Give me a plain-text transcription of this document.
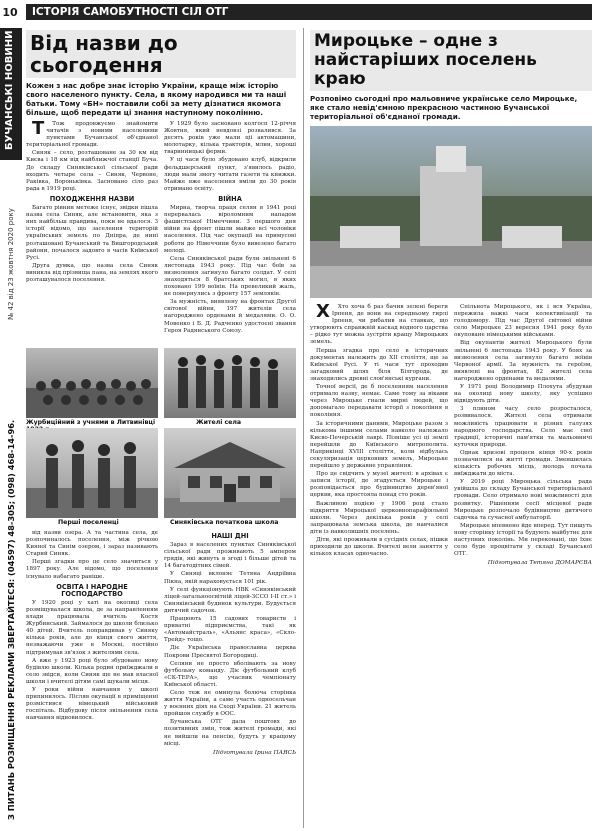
10	ІСТОРІЯ САМОБУТНОСТІ СІЛ ОТГ
БУЧАНСЬКІ НОВИНИ
№ 42 від 23 жовтня 2020 року
З ПИТАНЬ РОЗМІЩЕННЯ РЕКЛАМИ ЗВЕРТАЙТЕСЯ: (04597) 48-305; (098) 468-14-96.
Від назви до сьогодення
Кожен з нас добре знає історію України, краще між історію свого населеного пункту. Села, в якому народився ми та наші батьки. Тому «БН» поставили собі за мету дізнатися якомога більше, щоб передати ці знання наступному поколінню.

Т Тож продовжуємо знайомити читачів з новими населеними пунктами Бучанської об'єднаної територіальної громади.

Синяк – село, розташоване за 30 км від Києва і 18 км від найближчої станції Буча. До складу Синяківської сільської ради входить четыре села – Синяк, Червоне, Раківка, Вороньківка. Засновано сіло раз рада в 1919 році.

ПОХОДЖЕННЯ НАЗВИ

Багато рівнин метеже існує, звідки пішла назва села Синяк, але встановити, яка з них найбільш правдива, поки не вдалося. З історії відомо, що заселення територій українських земель по Дніпра, де нині розташовані Бучанський та Вишгородський райони, почалося задовго в часів Київської Русі.

Друга думка, що назва села Синяк виникла від прізвища пана, на землях якого розташувалося поселення.

У 1929 було засновано колгосп 12-річчя Жовтня, який невдовзі розвалився. За десять років уже мали ціі автомашини, молотарку, кілька тракторів, млин, хороші тваринницькі ферми.

У ці часи було збудовано клуб, відкрили фельдшерський пункт, з'явилось радіо, люди мали змогу читати газети та книжки. Майже вже населення вміли до 30 років отримано освіту.

ВІЙНА

Мирна, творча праця селян в 1941 році перервалась віроломним нападом фашистської Німеччини. З першого дня війни на фронт пішли майже всі чоловіки населення. Під час окупації на примусові роботи до Німеччини було вивезено багато молоді.

Села Синяківської ради були звільнені 6 листопада 1943 року. Під час боїв за визволення загинуло багато солдат. У селі знаходяться 8 братських могил, в яких поховано 199 воїнів. На превеликий жаль, не повернулись з фронту 157 земляків.

За мужність, виявлену на фронтах Другої світової війни, 197 жителів села нагороджено орденами й медалями. О. О. Мовенко і Б. Д. Радченко удостоєні звання Героя Радянського Союзу.

Журбиційний з учнями в Литвинівці	Жителі села
Перші поселенці	Синяківська початкова школа

від назви озера. А та частина села, де розпочиналось поселення, між річкою Кияної та Синім озером, і зараз називають Старий Синяк.

Перші згадки про це село значиться у 1897 року. Але відомо, що поселення існувало набагато раніше.

ОСВІТА І НАРОДНЕ ГОСПОДАРСТВО

У 1920 році у хаті на околиці села розміщувалася школа, де за направленням влади працювала вчитель Костя Журбинський. Займалося до школи близько 40 дітей. Вчитель поправдивав у Синяку кілька років, але до кінця свого життя, незважаючи уже в Москві, постійно підтримував зв'язок з жителями села.

А вже у 1923 році було збудовано нову будівлю школи. Кілька родин приїжджали в село звідси, коли Синяк ще не мав власної школи і вчителі дітям самі шукали місця.

У роки війни навчання у школі припинилось. Післяв окупації в приміщенні розмістився німецький військовий госпіталь. Відбудову після звільнення села навчання відновилося.

НАШІ ДНІ

Зараз в населених пунктах Синяківської сільської ради проживають 5 ампером грядів, які живуть в згоді і більше дітей та 14 багатодітних сімей.

У Синяці вклоняє Тетяна Андріївна Пікна, якій нараховується 101 рік.

У селі функціонують НВК «Синяківський ліцей-загальноосвітній ліцей-ЗССО І-ІІ ст.» і Синяківський будинок культури. Будується дитячий садочок.

Працюють 15 садових товариств і приватні підприємства, такі як «Автомайстраль», «Альянс краса», «Скло-Трейд» тощо.

Діє Українська православна церква Покрови Пресвятої Богородиці.

Селяни не просто вболівають за нову футбольну команду. Діє футбольний клуб «СК-ТЕРА», що учасник чемпіонату Київської області.

Село теж не оминула болюча сторінка життя України, а саме участь односельчан у воєнних діях на Сході України. 21 житель пройшов службу в ООС.

Бучанська ОТГ дала поштовх до позитивних змін, тож жителі громади, які не вийшли на пенсію, будуть у кращому місці.

Підготувала Ірина ПАЯСЬ
Мироцьке – одне з найстаріших поселень краю
Розповімо сьогодні про мальовниче українське село Мироцьке, яке стало невід'ємною прекрасною частиною Бучанської територіальної об'єднаної громади.

Х Хто хоча б раз бачив зелені береги Ірпеня, де вони на середньому гирлі Ірпеня, чи рибалив на ставках, що утворюють справжній каскад водного царства – рідко тут можна зустріти кращу Мироцьких земель.

Перша згадка про село в історичних документах належить до XII століття, ще за Київської Русі. У ті часи тут проходив загадковий шлях біля Білгорода, де знаходились древні слов'янські кургани.

Точної версії, де б поселенням населення отримало назву, немає. Саме тому за віками через Мироцьке гнали мирні людей, що допомагало передавати історії з покоління в покоління.

За історичними даними, Мироцьке разом з кількома іншими селами навколо належало Києво-Печерській лаврі. Пізніше усі ці землі перейшли до Київського митрополита. Наприкінці XVIII століття, коли відбулась секуляризація церковних земель, Мироцьке перейшло у державне управління.

Про це свідчить у музеї жителі: в архівах є записи історії, де згадується Мироцьке і розповідається про будівництво дерев'яної церкви, яка простояла понад сто років.

Важливою подією у 1906 році стало відкриття Мироцької церковнопарафіяльної школи. Через декілька років у селі запрацювала земська школа, де навчалися діти із навколишніх поселень.

Діти, які проживали в сусідніх селах, пішки приходили до школи. Вчителі вели заняття у кількох класах одночасно.

Спільнота Мироцького, як і вся Україна, пережила важкі часи колективізації та голодомору. Під час Другої світової війни село Мироцьке 23 вересня 1941 року було окуповане німецькими військами.

Від окупантів жителі Мироцького були звільнені 6 листопада 1943 року. У боях за визволення села загинуло багато воїнів Червоної армії. За мужність та героїзм, виявлені на фронтах, 82 жителі села нагороджено орденами та медалями.

У 1971 році Володимир Плохута збудував на околиці нову школу, яку успішно відвідують діти.

З плином часу село розросталося, розвивалося. Жителі села отримали можливість працювати в різних галузях народного господарства. Село має свої традиції, історичні пам'ятки та мальовничі куточки природи.

Однак кризові процеси кінця 90-х років позначилися на житті громади. Зменшилась кількість робочих місць, молодь почала виїжджати до міста.

У 2019 році Мироцька сільська рада увійшла до складу Бучанської територіальної громади. Село отримало нові можливості для розвитку. Рішенням сесії місцевої ради Мироцьке розпочало будівництво дитячого садочка та сучасної амбулаторії.

Мироцьке впевнено йде вперед. Тут пишуть нову сторінку історії та будують майбутнє для наступних поколінь. Ми переконані, що їхнє село буде процвітати у складі Бучанської ОТГ.

Підготувала Тетяна ДОМАРЄВА
